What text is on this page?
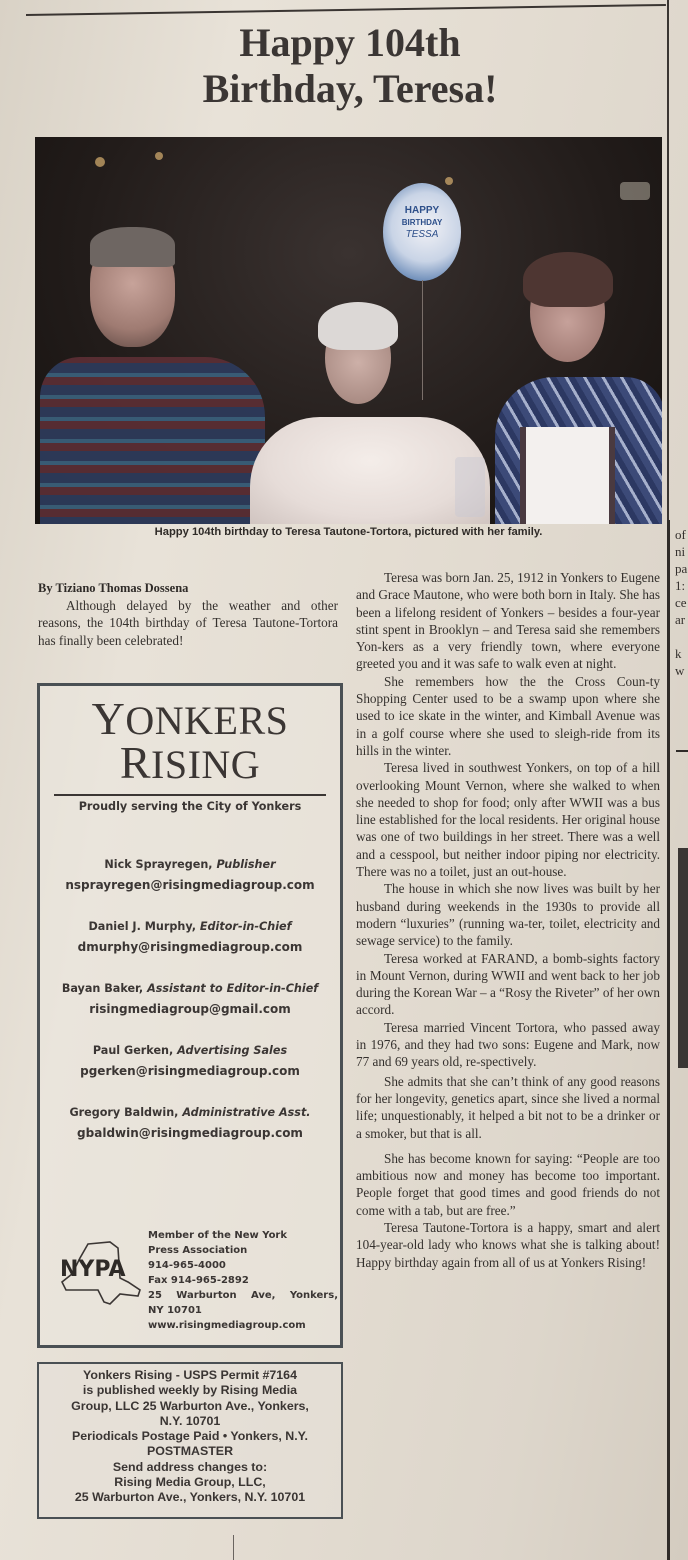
Happy 104th
Birthday, Teresa!
HAPPY
BIRTHDAY
TESSA
Happy 104th birthday to Teresa Tautone-Tortora, pictured with her family.
By Tiziano Thomas Dossena

Although delayed by the weather and other reasons, the 104th birthday of Teresa Tautone-Tortora has finally been celebrated!

Teresa was born Jan. 25, 1912 in Yonkers to Eugene and Grace Mautone, who were both born in Italy. She has been a lifelong resident of Yonkers – besides a four-year stint spent in Brooklyn – and Teresa said she remembers Yon-kers as a very friendly town, where everyone greeted you and it was safe to walk even at night.

She remembers how the the Cross Coun-ty Shopping Center used to be a swamp upon where she used to ice skate in the winter, and Kimball Avenue was in a golf course where she used to sleigh-ride from its hills in the winter.

Teresa lived in southwest Yonkers, on top of a hill overlooking Mount Vernon, where she walked to when she needed to shop for food; only after WWII was a bus line established for the local residents. Her original house was one of two buildings in her street. There was a well and a cesspool, but neither indoor piping nor electricity. There was no a toilet, just an out-house.

The house in which she now lives was built by her husband during weekends in the 1930s to provide all modern “luxuries” (running wa-ter, toilet, electricity and sewage service) to the family.

Teresa worked at FARAND, a bomb-sights factory in Mount Vernon, during WWII and went back to her job during the Korean War – a “Rosy the Riveter” of her own accord.

Teresa married Vincent Tortora, who passed away in 1976, and they had two sons: Eugene and Mark, now 77 and 69 years old, re-spectively.

She admits that she can’t think of any good reasons for her longevity, genetics apart, since she lived a normal life; unquestionably, it helped a bit not to be a drinker or a smoker, but that is all.

She has become known for saying: “People are too ambitious now and money has become too important. People forget that good times and good friends do not come with a tab, but are free.”

Teresa Tautone-Tortora is a happy, smart and alert 104-year-old lady who knows what she is talking about! Happy birthday again from all of us at Yonkers Rising!

YONKERS
RISING
Proudly serving the City of Yonkers
Nick Sprayregen, Publisher
nsprayregen@risingmediagroup.com
Daniel J. Murphy, Editor-in-Chief
dmurphy@risingmediagroup.com
Bayan Baker, Assistant to Editor-in-Chief
risingmediagroup@gmail.com
Paul Gerken, Advertising Sales
pgerken@risingmediagroup.com
Gregory Baldwin, Administrative Asst.
gbaldwin@risingmediagroup.com
NYPA
Member of the New York
Press Association
914-965-4000
Fax 914-965-2892
25 Warburton Ave, Yonkers,
NY 10701
www.risingmediagroup.com
Yonkers Rising - USPS Permit #7164
is published weekly by Rising Media
Group, LLC 25 Warburton Ave., Yonkers,
N.Y. 10701
Periodicals Postage Paid • Yonkers, N.Y.
POSTMASTER
Send address changes to:
Rising Media Group, LLC,
25 Warburton Ave., Yonkers, N.Y. 10701
of
ni
pa
1:
ce
ar
k
w
